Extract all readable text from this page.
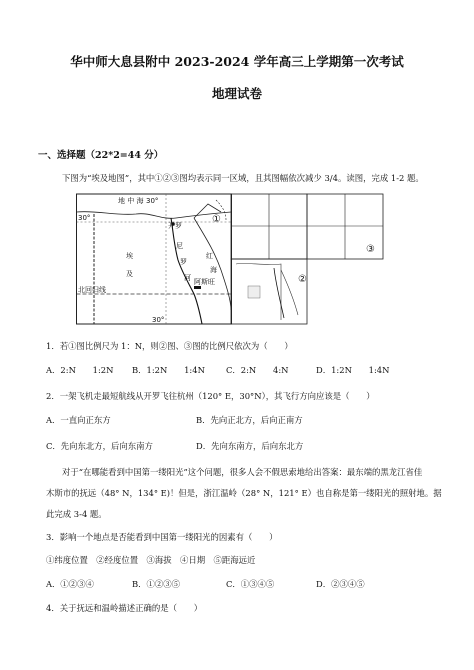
华中师大息县附中 2023-2024 学年高三上学期第一次考试
地理试卷
一、选择题（22*2=44 分）
下图为“埃及地图”，其中①②③图均表示同一区域，且其图幅依次减少 3/4。读图，完成 1-2 题。
地 中 海 30°
30°
开罗
尼
罗
河
红
海
埃
及
北回归线
阿斯旺
30°
①
②
③
1．若①图比例尺为 1：N，则②图、③图的比例尺依次为（　　）
A．2:N　　1:2N B．1:2N　　1:4N	C．2:N　　4:N	D．1:2N　　1:4N
2．一架飞机走最短航线从开罗飞往杭州（120° E，30°N），其飞行方向应该是（　　）
A．一直向正东方	B．先向正北方，后向正南方
C．先向东北方，后向东南方	D．先向东南方，后向东北方
对于“在哪能看到中国第一缕阳光”这个问题，很多人会不假思索地给出答案：最东端的黑龙江省佳
木斯市的抚远（48° N，134° E)！但是，浙江温岭（28° N，121° E）也自称是第一缕阳光的照射地。据
此完成 3-4 题。
3．影响一个地点是否能看到中国第一缕阳光的因素有（　　）
①纬度位置　②经度位置　③海拔　④日期　⑤距海远近
A．①②③④	B．①②③⑤	C．①③④⑤	D．②③④⑤
4．关于抚远和温岭描述正确的是（　　）
